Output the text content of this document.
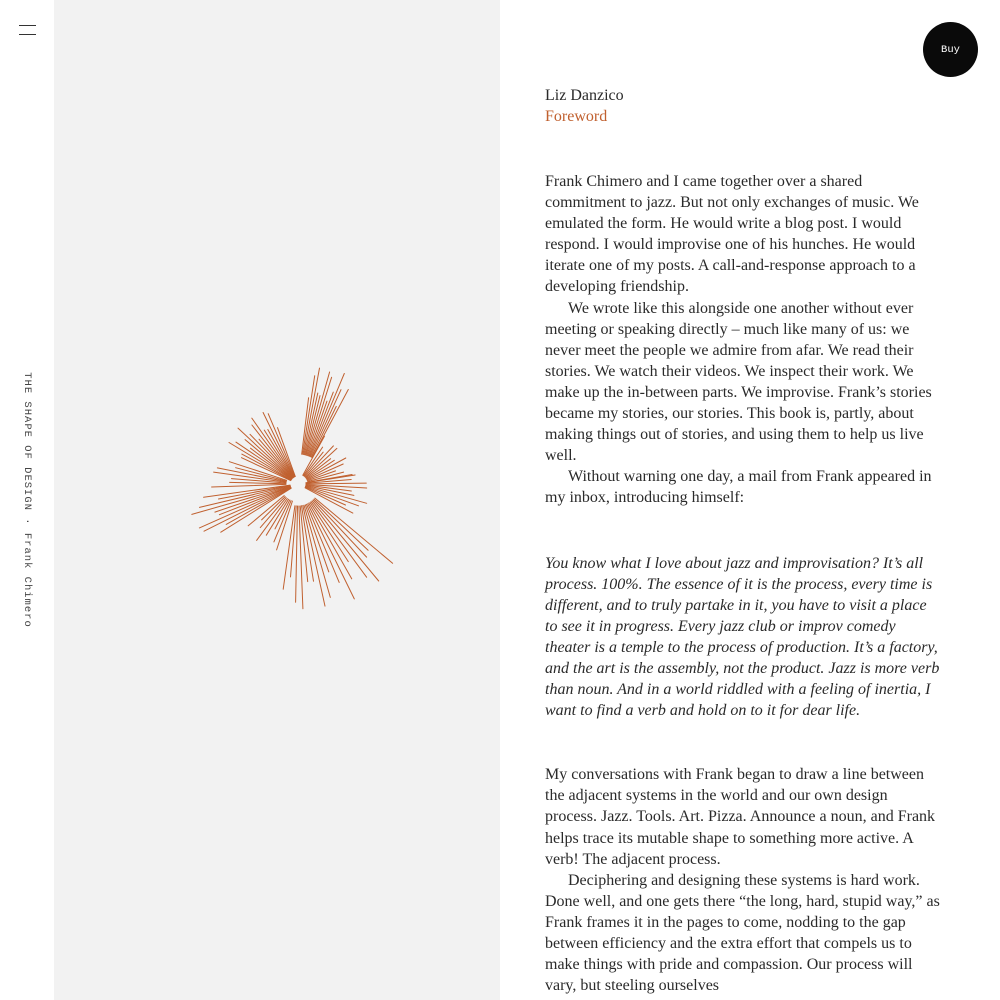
THE SHAPE OF DESIGN · Frank Chimero
Buy

Liz Danzico

Foreword

Frank Chimero and I came together over a shared commitment to jazz. But not only exchanges of music. We emulated the form. He would write a blog post. I would respond. I would improvise one of his hunches. He would iterate one of my posts. A call-and-response approach to a developing friendship.

We wrote like this alongside one another without ever meeting or speaking directly – much like many of us: we never meet the people we admire from afar. We read their stories. We watch their videos. We inspect their work. We make up the in-between parts. We improvise. Frank’s stories became my stories, our stories. This book is, partly, about making things out of stories, and using them to help us live well.

Without warning one day, a mail from Frank appeared in my inbox, introducing himself:

You know what I love about jazz and improvisation? It’s all process. 100%. The essence of it is the process, every time is different, and to truly partake in it, you have to visit a place to see it in progress. Every jazz club or improv comedy theater is a temple to the process of production. It’s a factory, and the art is the assembly, not the product. Jazz is more verb than noun. And in a world riddled with a feeling of inertia, I want to find a verb and hold on to it for dear life.

My conversations with Frank began to draw a line between the adjacent systems in the world and our own design process. Jazz. Tools. Art. Pizza. Announce a noun, and Frank helps trace its mutable shape to something more active. A verb! The adjacent process.

Deciphering and designing these systems is hard work. Done well, and one gets there “the long, hard, stupid way,” as Frank frames it in the pages to come, nodding to the gap between efficiency and the extra effort that compels us to make things with pride and compassion. Our process will vary, but steeling ourselves
